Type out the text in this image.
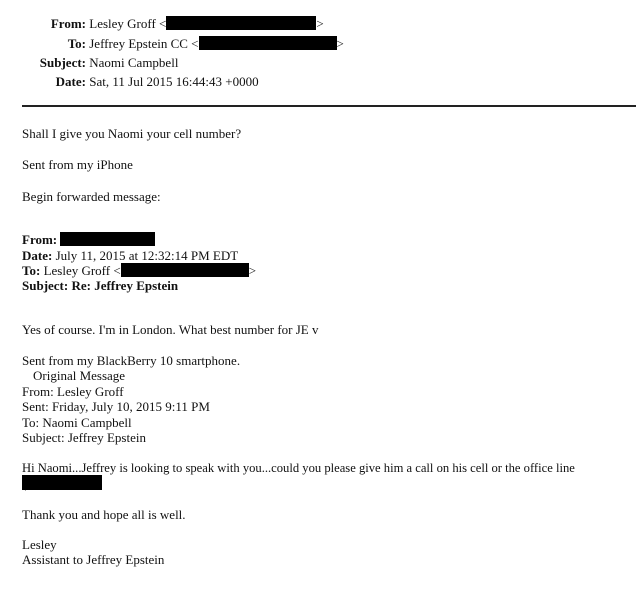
From: Lesley Groff <	>
To: Jeffrey Epstein CC <	>
Subject: Naomi Campbell
Date: Sat, 11 Jul 2015 16:44:43 +0000
Shall I give you Naomi your cell number?
Sent from my iPhone
Begin forwarded message:
From:
Date: July 11, 2015 at 12:32:14 PM EDT
To: Lesley Groff <	>
Subject: Re: Jeffrey Epstein
Yes of course. I'm in London. What best number for JE v
Sent from my BlackBerry 10 smartphone.
Original Message
From: Lesley Groff
Sent: Friday, July 10, 2015 9:11 PM
To: Naomi Campbell
Subject: Jeffrey Epstein
Hi Naomi...Jeffrey is looking to speak with you...could you please give him a call on his cell or the office line
Thank you and hope all is well.
Lesley
Assistant to Jeffrey Epstein
